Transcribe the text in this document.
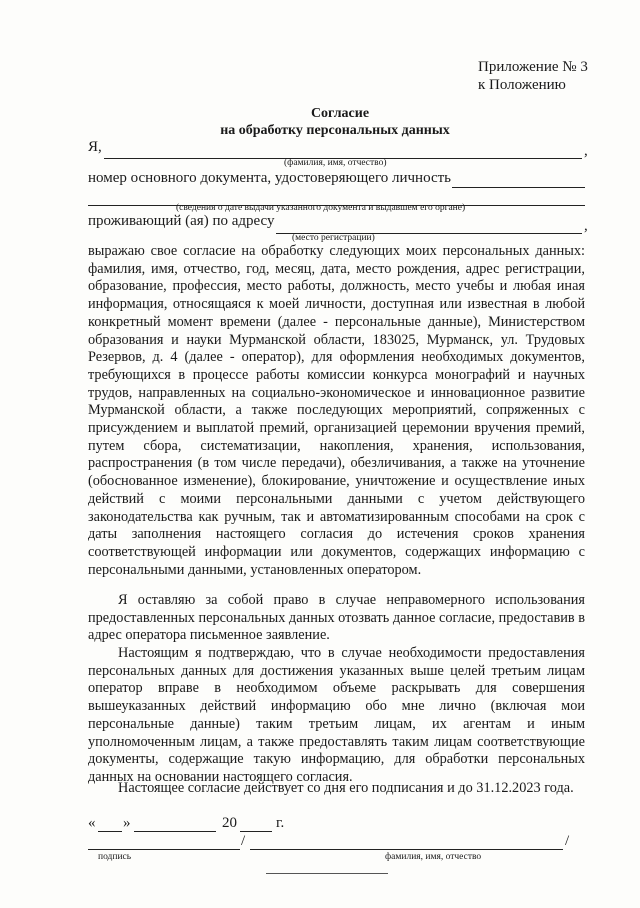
Приложение № 3
к Положению
Согласие
на обработку персональных данных
Я,	,
(фамилия, имя, отчество)
номер основного документа, удостоверяющего личность
(сведения о дате выдачи указанного документа и выдавшем его органе)
проживающий (ая) по адресу	,
(место регистрации)
выражаю свое согласие на обработку следующих моих персональных данных: фамилия, имя, отчество, год, месяц, дата, место рождения, адрес регистрации, образование, профессия, место работы, должность, место учебы и любая иная информация, относящаяся к моей личности, доступная или известная в любой конкретный момент времени (далее - персональные данные), Министерством образования и науки Мурманской области, 183025, Мурманск, ул. Трудовых Резервов, д. 4 (далее - оператор), для оформления необходимых документов, требующихся в процессе работы комиссии конкурса монографий и научных трудов, направленных на социально-экономическое и инновационное развитие Мурманской области, а также последующих мероприятий, сопряженных с присуждением и выплатой премий, организацией церемонии вручения премий, путем сбора, систематизации, накопления, хранения, использования, распространения (в том числе передачи), обезличивания, а также на уточнение (обоснованное изменение), блокирование, уничтожение и осуществление иных действий с моими персональными данными с учетом действующего законодательства как ручным, так и автоматизированным способами на срок с даты заполнения настоящего согласия до истечения сроков хранения соответствующей информации или документов, содержащих информацию с персональными данными, установленных оператором.
Я оставляю за собой право в случае неправомерного использования предоставленных персональных данных отозвать данное согласие, предоставив в адрес оператора письменное заявление.
Настоящим я подтверждаю, что в случае необходимости предоставления персональных данных для достижения указанных выше целей третьим лицам оператор вправе в необходимом объеме раскрывать для совершения вышеуказанных действий информацию обо мне лично (включая мои персональные данные) таким третьим лицам, их агентам и иным уполномоченным лицам, а также предоставлять таким лицам соответствующие документы, содержащие такую информацию, для обработки персональных данных на основании настоящего согласия.
Настоящее согласие действует со дня его подписания и до 31.12.2023 года.
« »	20	г.
/	/
подпись	фамилия, имя, отчество
